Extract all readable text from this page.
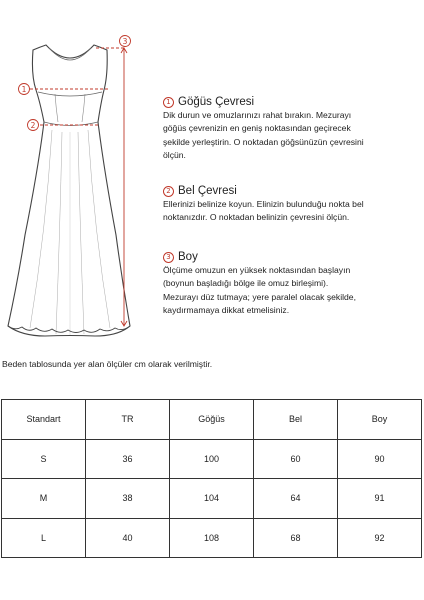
1
2
3
1 Göğüs Çevresi
Dik durun ve omuzlarınızı rahat bırakın. Mezurayı
göğüs çevrenizin en geniş noktasından geçirecek
şekilde yerleştirin. O noktadan göğsünüzün çevresini
ölçün.
2 Bel Çevresi
Ellerinizi belinize koyun. Elinizin bulunduğu nokta bel
noktanızdır. O noktadan belinizin çevresini ölçün.
3 Boy
Ölçüme omuzun en yüksek noktasından başlayın
(boynun başladığı bölge ile omuz birleşimi).
Mezurayı düz tutmaya; yere paralel olacak şekilde,
kaydırmamaya dikkat etmelisiniz.
Beden tablosunda yer alan ölçüler cm olarak verilmiştir.
Standart	TR	Göğüs	Bel	Boy
S	36	100	60	90
M	38	104	64	91
L	40	108	68	92
